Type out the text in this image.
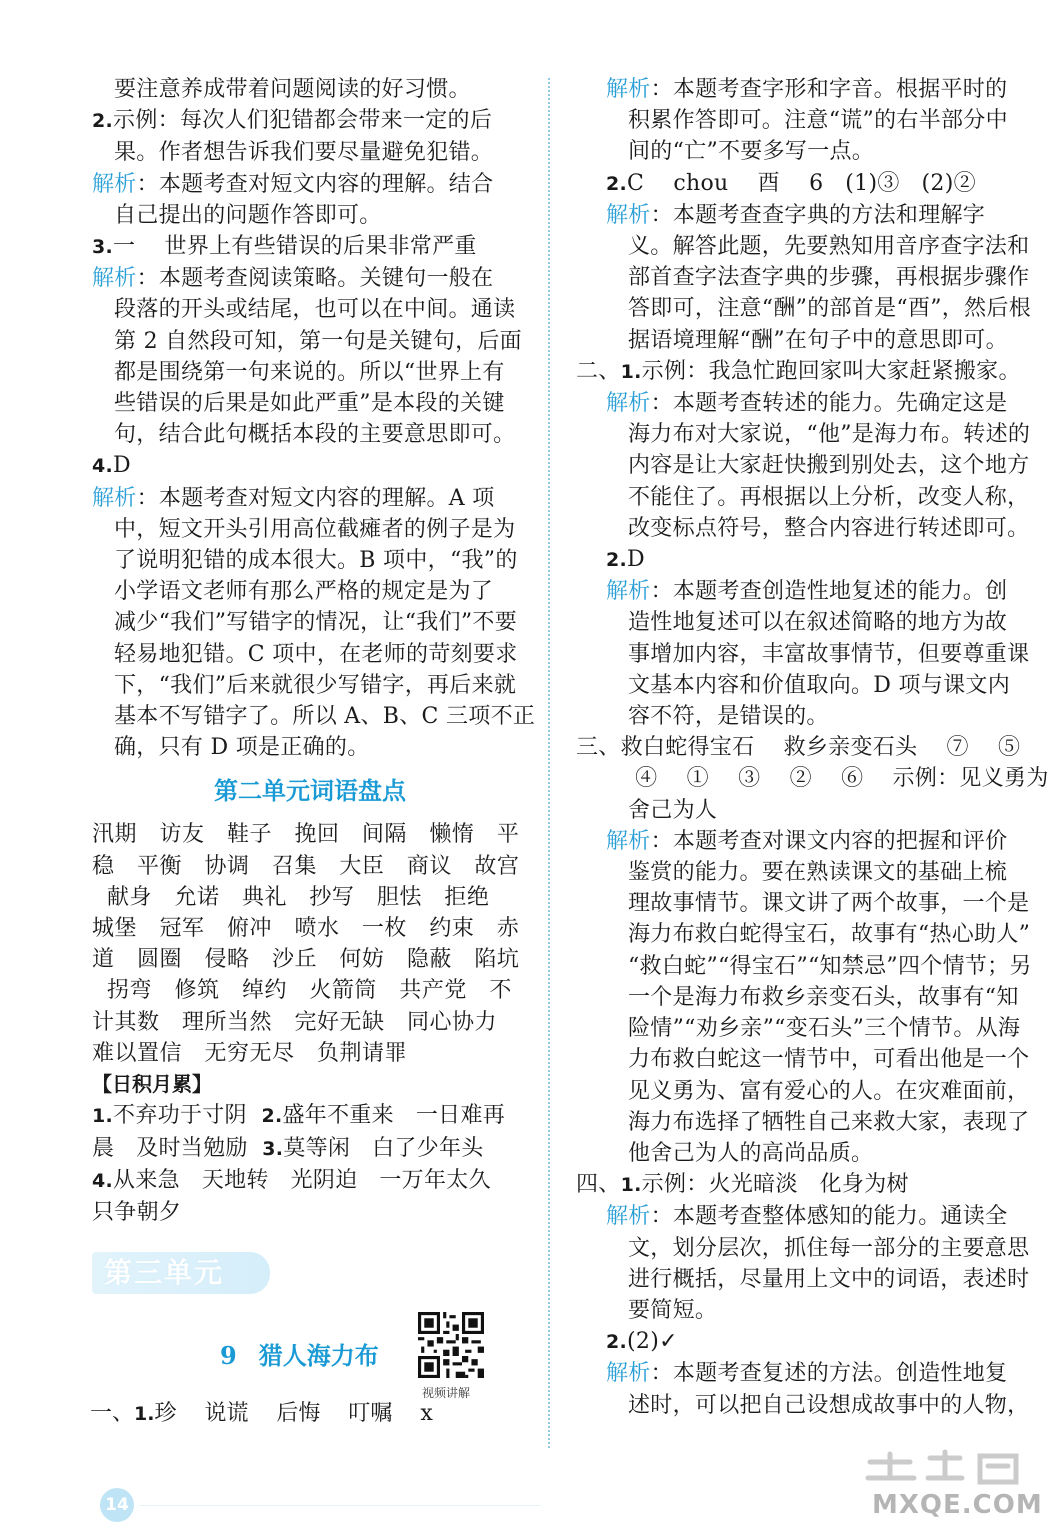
要注意养成带着问题阅读的好习惯。
2.示例：每次人们犯错都会带来一定的后
果。作者想告诉我们要尽量避免犯错。
解析：本题考查对短文内容的理解。结合
自己提出的问题作答即可。
3.一    世界上有些错误的后果非常严重
解析：本题考查阅读策略。关键句一般在
段落的开头或结尾，也可以在中间。通读
第 2 自然段可知，第一句是关键句，后面
都是围绕第一句来说的。所以“世界上有
些错误的后果是如此严重”是本段的关键
句，结合此句概括本段的主要意思即可。
4.D
解析：本题考查对短文内容的理解。A 项
中，短文开头引用高位截瘫者的例子是为
了说明犯错的成本很大。B 项中，“我”的
小学语文老师有那么严格的规定是为了
减少“我们”写错字的情况，让“我们”不要
轻易地犯错。C 项中，在老师的苛刻要求
下，“我们”后来就很少写错字，再后来就
基本不写错字了。所以 A、B、C 三项不正
确，只有 D 项是正确的。
第二单元词语盘点
汛期   访友   鞋子   挽回   间隔   懒惰   平
稳   平衡   协调   召集   大臣   商议   故宫
献身   允诺   典礼   抄写   胆怯   拒绝
城堡   冠军   俯冲   喷水   一枚   约束   赤
道   圆圈   侵略   沙丘   何妨   隐蔽   陷坑
拐弯   修筑   绰约   火箭筒   共产党   不
计其数   理所当然   完好无缺   同心协力
难以置信   无穷无尽   负荆请罪
【日积月累】
1.不弃功于寸阴  2.盛年不重来   一日难再
晨   及时当勉励  3.莫等闲   白了少年头
4.从来急   天地转   光阴迫   一万年太久
只争朝夕
解析：本题考查字形和字音。根据平时的
积累作答即可。注意“谎”的右半部分中
间的“亡”不要多写一点。
2.C    chou    酉    6   (1)③   (2)②
解析：本题考查查字典的方法和理解字
义。解答此题，先要熟知用音序查字法和
部首查字法查字典的步骤，再根据步骤作
答即可，注意“酬”的部首是“酉”，然后根
据语境理解“酬”在句子中的意思即可。
二、1.示例：我急忙跑回家叫大家赶紧搬家。
解析：本题考查转述的能力。先确定这是
海力布对大家说，“他”是海力布。转述的
内容是让大家赶快搬到别处去，这个地方
不能住了。再根据以上分析，改变人称，
改变标点符号，整合内容进行转述即可。
2.D
解析：本题考查创造性地复述的能力。创
造性地复述可以在叙述简略的地方为故
事增加内容，丰富故事情节，但要尊重课
文基本内容和价值取向。D 项与课文内
容不符，是错误的。
三、救白蛇得宝石    救乡亲变石头    ⑦    ⑤
④    ①    ③    ②    ⑥    示例：见义勇为
舍己为人
解析：本题考查对课文内容的把握和评价
鉴赏的能力。要在熟读课文的基础上梳
理故事情节。课文讲了两个故事，一个是
海力布救白蛇得宝石，故事有“热心助人”
“救白蛇”“得宝石”“知禁忌”四个情节；另
一个是海力布救乡亲变石头，故事有“知
险情”“劝乡亲”“变石头”三个情节。从海
力布救白蛇这一情节中，可看出他是一个
见义勇为、富有爱心的人。在灾难面前，
海力布选择了牺牲自己来救大家，表现了
他舍己为人的高尚品质。
四、1.示例：火光暗淡   化身为树
解析：本题考查整体感知的能力。通读全
文，划分层次，抓住每一部分的主要意思
进行概括，尽量用上文中的词语，表述时
要简短。
2.(2)✓
解析：本题考查复述的方法。创造性地复
述时，可以把自己设想成故事中的人物，
第三单元
9 猎人海力布
视频讲解
一、1.珍    说谎    后悔    叮嘱    x
14	MXQE.COM
